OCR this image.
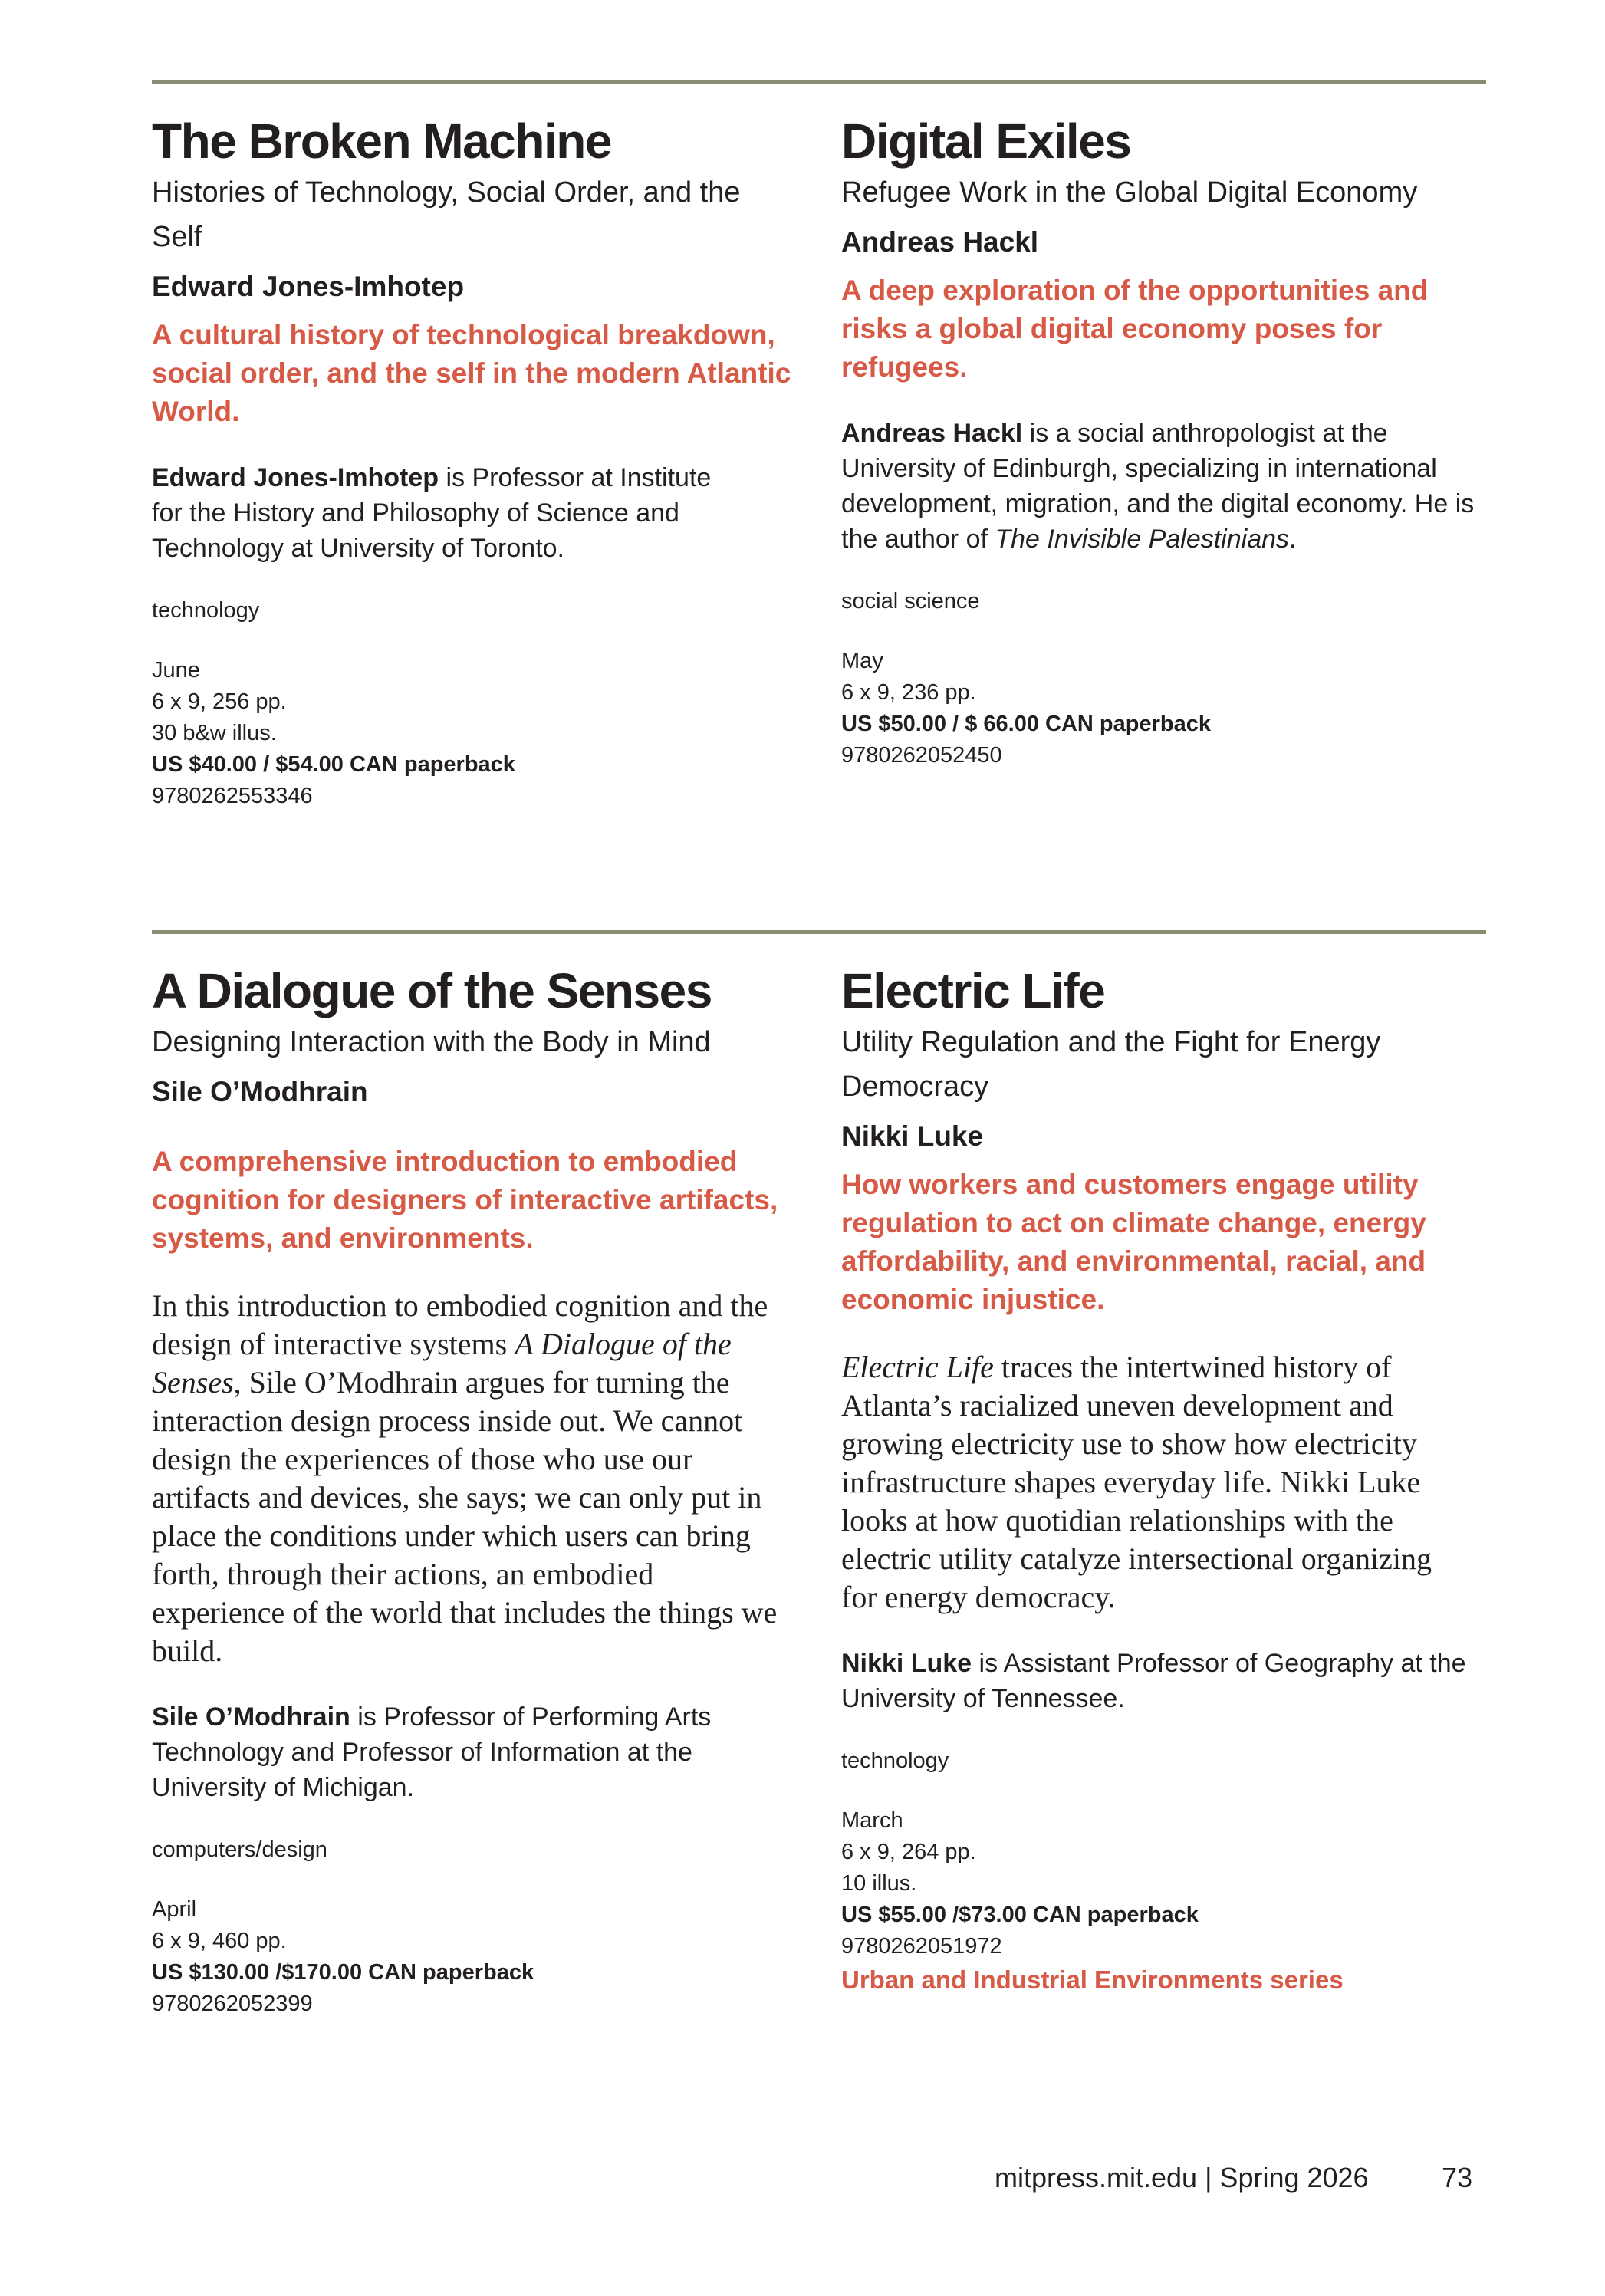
The Broken Machine

Histories of Technology, Social Order, and the Self

Edward Jones-Imhotep

A cultural history of technological breakdown, social order, and the self in the modern Atlantic World.

Edward Jones-Imhotep is Professor at Institute for the History and Philosophy of Science and Technology at University of Toronto.

technology

June
6 x 9, 256 pp.
30 b&w illus.
US $40.00 / $54.00 CAN paperback
9780262553346
Digital Exiles

Refugee Work in the Global Digital Economy

Andreas Hackl

A deep exploration of the opportunities and risks a global digital economy poses for refugees.

Andreas Hackl is a social anthropologist at the University of Edinburgh, specializing in international development, migration, and the digital economy. He is the author of The Invisible Palestinians.

social science

May
6 x 9, 236 pp.
US $50.00 / $ 66.00 CAN paperback
9780262052450
A Dialogue of the Senses

Designing Interaction with the Body in Mind

Sile O’Modhrain

A comprehensive introduction to embodied cognition for designers of interactive artifacts, systems, and environments.

In this introduction to embodied cognition and the design of interactive systems A Dialogue of the Senses, Sile O’Modhrain argues for turning the interaction design process inside out. We cannot design the experiences of those who use our artifacts and devices, she says; we can only put in place the conditions under which users can bring forth, through their actions, an embodied experience of the world that includes the things we build.

Sile O’Modhrain is Professor of Performing Arts Technology and Professor of Information at the University of Michigan.

computers/design

April
6 x 9, 460 pp.
US $130.00 /$170.00 CAN paperback
9780262052399
Electric Life

Utility Regulation and the Fight for Energy Democracy

Nikki Luke

How workers and customers engage utility regulation to act on climate change, energy affordability, and environmental, racial, and economic injustice.

Electric Life traces the intertwined history of Atlanta’s racialized uneven development and growing electricity use to show how electricity infrastructure shapes everyday life. Nikki Luke looks at how quotidian relationships with the electric utility catalyze intersectional organizing for energy democracy.

Nikki Luke is Assistant Professor of Geography at the University of Tennessee.

technology

March
6 x 9, 264 pp.
10 illus.
US $55.00 /$73.00 CAN paperback
9780262051972
Urban and Industrial Environments series
mitpress.mit.edu | Spring 2026	73
